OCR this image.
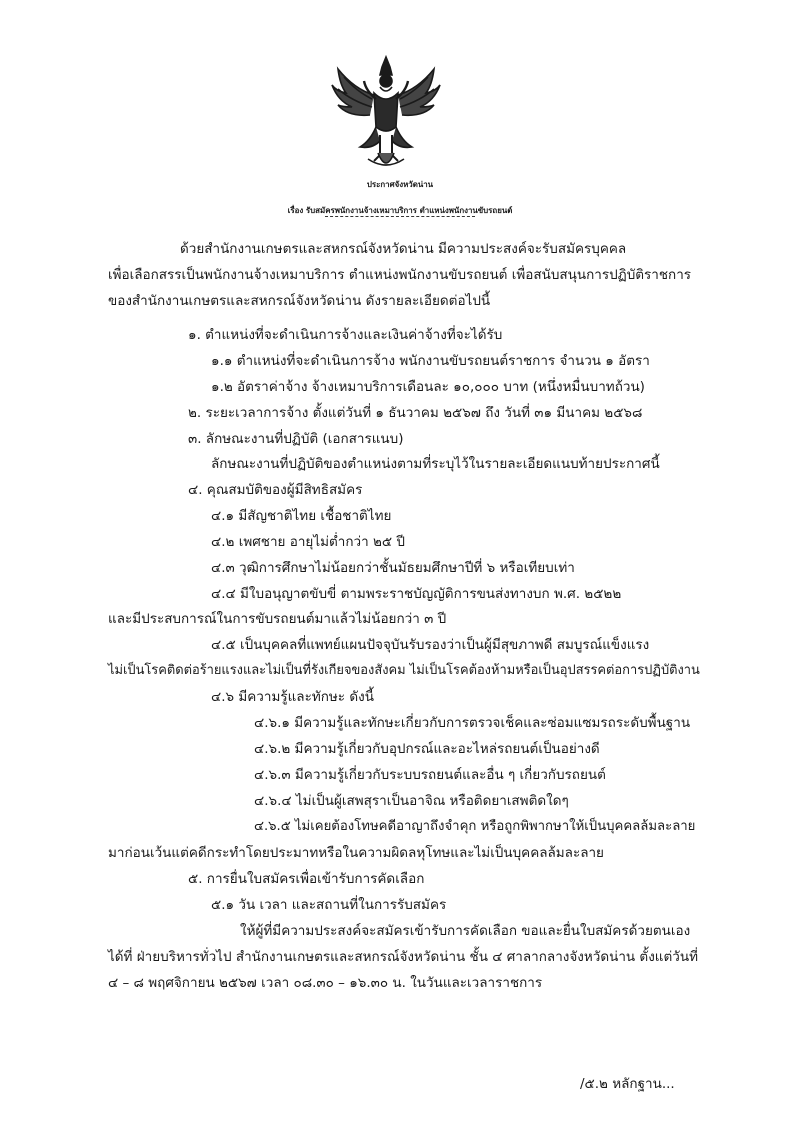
ประกาศจังหวัดน่าน
เรื่อง รับสมัครพนักงานจ้างเหมาบริการ ตำแหน่งพนักงานขับรถยนต์
ด้วยสำนักงานเกษตรและสหกรณ์จังหวัดน่าน มีความประสงค์จะรับสมัครบุคคล
เพื่อเลือกสรรเป็นพนักงานจ้างเหมาบริการ ตำแหน่งพนักงานขับรถยนต์ เพื่อสนับสนุนการปฏิบัติราชการ
ของสำนักงานเกษตรและสหกรณ์จังหวัดน่าน ดังรายละเอียดต่อไปนี้
๑. ตำแหน่งที่จะดำเนินการจ้างและเงินค่าจ้างที่จะได้รับ
๑.๑ ตำแหน่งที่จะดำเนินการจ้าง พนักงานขับรถยนต์ราชการ จำนวน ๑ อัตรา
๑.๒ อัตราค่าจ้าง จ้างเหมาบริการเดือนละ ๑๐,๐๐๐ บาท (หนึ่งหมื่นบาทถ้วน)
๒. ระยะเวลาการจ้าง ตั้งแต่วันที่ ๑ ธันวาคม ๒๕๖๗ ถึง วันที่ ๓๑ มีนาคม ๒๕๖๘
๓. ลักษณะงานที่ปฏิบัติ (เอกสารแนบ)
ลักษณะงานที่ปฏิบัติของตำแหน่งตามที่ระบุไว้ในรายละเอียดแนบท้ายประกาศนี้
๔. คุณสมบัติของผู้มีสิทธิสมัคร
๔.๑ มีสัญชาติไทย เชื้อชาติไทย
๔.๒ เพศชาย อายุไม่ต่ำกว่า ๒๕ ปี
๔.๓ วุฒิการศึกษาไม่น้อยกว่าชั้นมัธยมศึกษาปีที่ ๖ หรือเทียบเท่า
๔.๔ มีใบอนุญาตขับขี่ ตามพระราชบัญญัติการขนส่งทางบก พ.ศ. ๒๕๒๒
และมีประสบการณ์ในการขับรถยนต์มาแล้วไม่น้อยกว่า ๓ ปี
๔.๕ เป็นบุคคลที่แพทย์แผนปัจจุบันรับรองว่าเป็นผู้มีสุขภาพดี สมบูรณ์แข็งแรง
ไม่เป็นโรคติดต่อร้ายแรงและไม่เป็นที่รังเกียจของสังคม ไม่เป็นโรคต้องห้ามหรือเป็นอุปสรรคต่อการปฏิบัติงาน
๔.๖ มีความรู้และทักษะ ดังนี้
๔.๖.๑ มีความรู้และทักษะเกี่ยวกับการตรวจเช็คและซ่อมแซมรถระดับพื้นฐาน
๔.๖.๒ มีความรู้เกี่ยวกับอุปกรณ์และอะไหล่รถยนต์เป็นอย่างดี
๔.๖.๓ มีความรู้เกี่ยวกับระบบรถยนต์และอื่น ๆ เกี่ยวกับรถยนต์
๔.๖.๔ ไม่เป็นผู้เสพสุราเป็นอาจิณ หรือติดยาเสพติดใดๆ
๔.๖.๕ ไม่เคยต้องโทษคดีอาญาถึงจำคุก หรือถูกพิพากษาให้เป็นบุคคลล้มละลาย
มาก่อนเว้นแต่คดีกระทำโดยประมาทหรือในความผิดลหุโทษและไม่เป็นบุคคลล้มละลาย
๕. การยื่นใบสมัครเพื่อเข้ารับการคัดเลือก
๕.๑ วัน เวลา และสถานที่ในการรับสมัคร
ให้ผู้ที่มีความประสงค์จะสมัครเข้ารับการคัดเลือก ขอและยื่นใบสมัครด้วยตนเอง
ได้ที่ ฝ่ายบริหารทั่วไป สำนักงานเกษตรและสหกรณ์จังหวัดน่าน ชั้น ๔ ศาลากลางจังหวัดน่าน ตั้งแต่วันที่
๔ – ๘ พฤศจิกายน ๒๕๖๗ เวลา ๐๘.๓๐ – ๑๖.๓๐ น. ในวันและเวลาราชการ
/๕.๒ หลักฐาน...
